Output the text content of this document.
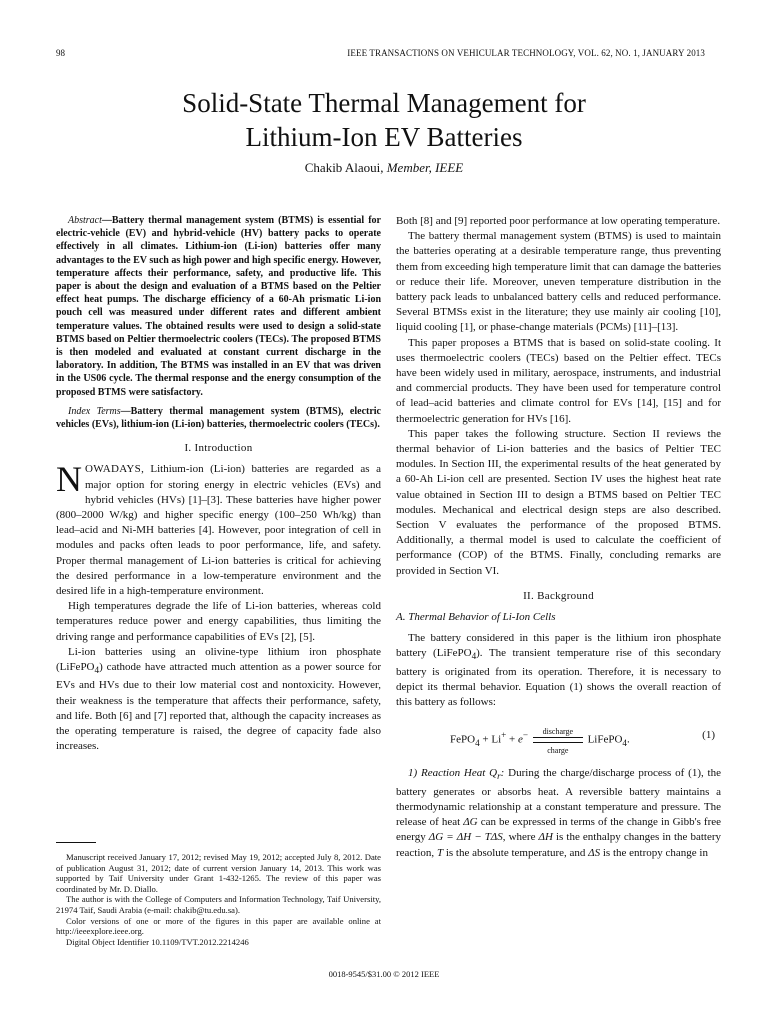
98	IEEE TRANSACTIONS ON VEHICULAR TECHNOLOGY, VOL. 62, NO. 1, JANUARY 2013
Solid-State Thermal Management for
Lithium-Ion EV Batteries
Chakib Alaoui, Member, IEEE

Abstract—Battery thermal management system (BTMS) is essential for electric-vehicle (EV) and hybrid-vehicle (HV) battery packs to operate effectively in all climates. Lithium-ion (Li-ion) batteries offer many advantages to the EV such as high power and high specific energy. However, temperature affects their performance, safety, and productive life. This paper is about the design and evaluation of a BTMS based on the Peltier effect heat pumps. The discharge efficiency of a 60-Ah prismatic Li-ion pouch cell was measured under different rates and different ambient temperature values. The obtained results were used to design a solid-state BTMS based on Peltier thermoelectric coolers (TECs). The proposed BTMS is then modeled and evaluated at constant current discharge in the laboratory. In addition, The BTMS was installed in an EV that was driven in the US06 cycle. The thermal response and the energy consumption of the proposed BTMS were satisfactory.

Index Terms—Battery thermal management system (BTMS), electric vehicles (EVs), lithium-ion (Li-ion) batteries, thermoelectric coolers (TECs).

I. Introduction

NOWADAYS, Lithium-ion (Li-ion) batteries are regarded as a major option for storing energy in electric vehicles (EVs) and hybrid vehicles (HVs) [1]–[3]. These batteries have higher power (800–2000 W/kg) and higher specific energy (100–250 Wh/kg) than lead–acid and Ni-MH batteries [4]. However, poor integration of cell in modules and packs often leads to poor performance, life, and safety. Proper thermal management of Li-ion batteries is critical for achieving the desired performance in a low-temperature environment and the desired life in a high-temperature environment.

High temperatures degrade the life of Li-ion batteries, whereas cold temperatures reduce power and energy capabilities, thus limiting the driving range and performance capabilities of EVs [2], [5].

Li-ion batteries using an olivine-type lithium iron phosphate (LiFePO$_4$) cathode have attracted much attention as a power source for EVs and HVs due to their low material cost and nontoxicity. However, their weakness is the temperature that affects their performance, safety, and life. Both [6] and [7] reported that, although the capacity increases as the operating temperature is raised, the degree of capacity fade also increases.

Both [8] and [9] reported poor performance at low operating temperature.

The battery thermal management system (BTMS) is used to maintain the batteries operating at a desirable temperature range, thus preventing them from exceeding high temperature limit that can damage the batteries or reduce their life. Moreover, uneven temperature distribution in the battery pack leads to unbalanced battery cells and reduced performance. Several BTMSs exist in the literature; they use mainly air cooling [10], liquid cooling [1], or phase-change materials (PCMs) [11]–[13].

This paper proposes a BTMS that is based on solid-state cooling. It uses thermoelectric coolers (TECs) based on the Peltier effect. TECs have been widely used in military, aerospace, instruments, and industrial and commercial products. They have been used for temperature control of lead–acid batteries and climate control for EVs [14], [15] and for thermoelectric generation for HVs [16].

This paper takes the following structure. Section II reviews the thermal behavior of Li-ion batteries and the basics of Peltier TEC modules. In Section III, the experimental results of the heat generated by a 60-Ah Li-ion cell are presented. Section IV uses the highest heat rate value obtained in Section III to design a BTMS based on Peltier TEC modules. Mechanical and electrical design steps are also described. Section V evaluates the performance of the proposed BTMS. Additionally, a thermal model is used to calculate the coefficient of performance (COP) of the BTMS. Finally, concluding remarks are provided in Section VI.

II. Background
A. Thermal Behavior of Li-Ion Cells

The battery considered in this paper is the lithium iron phosphate battery (LiFePO$_4$). The transient temperature rise of this secondary battery is originated from its operation. Therefore, it is necessary to depict its thermal behavior. Equation (1) shows the overall reaction of this battery as follows:

FePO$_4$ + Li+ + e−	discharge
charge
LiFePO$_4$.	(1)

1) Reaction Heat $Q_r$: During the charge/discharge process of (1), the battery generates or absorbs heat. A reversible battery maintains a thermodynamic relationship at a constant temperature and pressure. The release of heat ΔG can be expressed in terms of the change in Gibb's free energy ΔG = ΔH − TΔS, where ΔH is the enthalpy changes in the battery reaction, T is the absolute temperature, and ΔS is the entropy change in

Manuscript received January 17, 2012; revised May 19, 2012; accepted July 8, 2012. Date of publication August 31, 2012; date of current version January 14, 2013. This work was supported by Taif University under Grant 1-432-1265. The review of this paper was coordinated by Mr. D. Diallo.

The author is with the College of Computers and Information Technology, Taif University, 21974 Taif, Saudi Arabia (e-mail: chakib@tu.edu.sa).

Color versions of one or more of the figures in this paper are available online at http://ieeexplore.ieee.org.

Digital Object Identifier 10.1109/TVT.2012.2214246

0018-9545/$31.00 © 2012 IEEE
